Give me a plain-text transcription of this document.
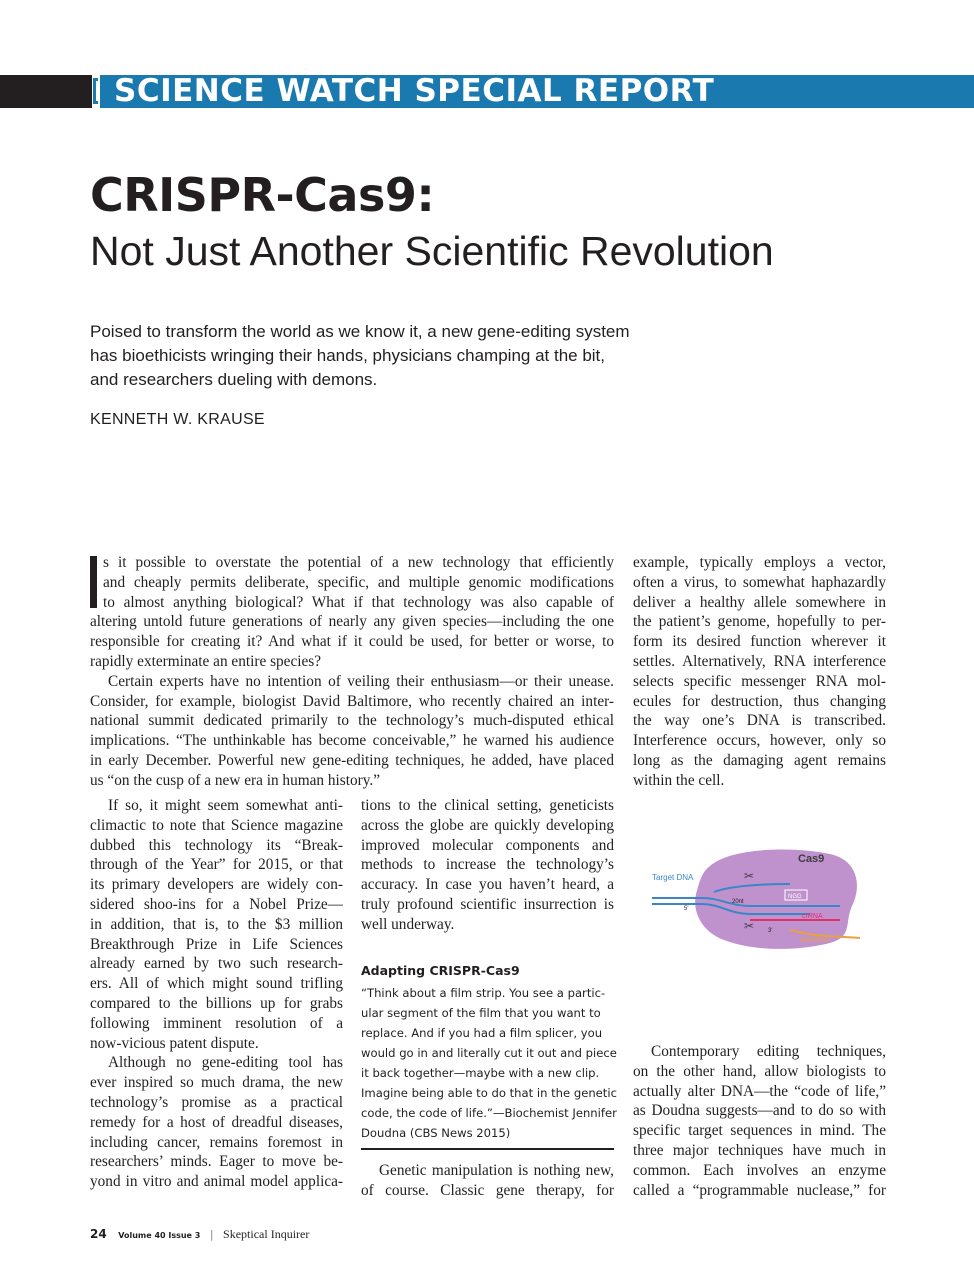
SCIENCE WATCH SPECIAL REPORT
CRISPR-Cas9:
Not Just Another Scientific Revolution
Poised to transform the world as we know it, a new gene-editing system
has bioethicists wringing their hands, physicians champing at the bit,
and researchers dueling with demons.
KENNETH W. KRAUSE
s it possible to overstate the potential of a new technology that efficiently
and cheaply permits deliberate, specific, and multiple genomic modifications
to almost anything biological? What if that technology was also capable of
altering untold future generations of nearly any given species—including the one
responsible for creating it? And what if it could be used, for better or worse, to
rapidly exterminate an entire species?
Certain experts have no intention of veiling their enthusiasm—or their unease.
Consider, for example, biologist David Baltimore, who recently chaired an inter-
national summit dedicated primarily to the technology’s much-disputed ethical
implications. “The unthinkable has become conceivable,” he warned his audience
in early December. Powerful new gene-editing techniques, he added, have placed
us “on the cusp of a new era in human history.”
If so, it might seem somewhat anti-
climactic to note that Science magazine
dubbed this technology its “Break-
through of the Year” for 2015, or that
its primary developers are widely con-
sidered shoo-ins for a Nobel Prize—
in addition, that is, to the $3 million
Breakthrough Prize in Life Sciences
already earned by two such research-
ers. All of which might sound trifling
compared to the billions up for grabs
following imminent resolution of a
now-vicious patent dispute.
Although no gene-editing tool has
ever inspired so much drama, the new
technology’s promise as a practical
remedy for a host of dreadful diseases,
including cancer, remains foremost in
researchers’ minds. Eager to move be-
yond in vitro and animal model applica-
tions to the clinical setting, geneticists
across the globe are quickly developing
improved molecular components and
methods to increase the technology’s
accuracy. In case you haven’t heard, a
truly profound scientific insurrection is
well underway.
Adapting CRISPR-Cas9
“Think about a film strip. You see a partic-
ular segment of the film that you want to
replace. And if you had a film splicer, you
would go in and literally cut it out and piece
it back together—maybe with a new clip.
Imagine being able to do that in the genetic
code, the code of life.”—Biochemist Jennifer
Doudna (CBS News 2015)
Genetic manipulation is nothing new,
of course. Classic gene therapy, for
example, typically employs a vector,
often a virus, to somewhat haphazardly
deliver a healthy allele somewhere in
the patient’s genome, hopefully to per-
form its desired function wherever it
settles. Alternatively, RNA interference
selects specific messenger RNA mol-
ecules for destruction, thus changing
the way one’s DNA is transcribed.
Interference occurs, however, only so
long as the damaging agent remains
within the cell.
Cas9
Target DNA
NGG
20nt
5′
3′
crRNA
tracrRNA
✂
✂
Contemporary editing techniques,
on the other hand, allow biologists to
actually alter DNA—the “code of life,”
as Doudna suggests—and to do so with
specific target sequences in mind. The
three major techniques have much in
common. Each involves an enzyme
called a “programmable nuclease,” for
24 Volume 40 Issue 3 | Skeptical Inquirer
